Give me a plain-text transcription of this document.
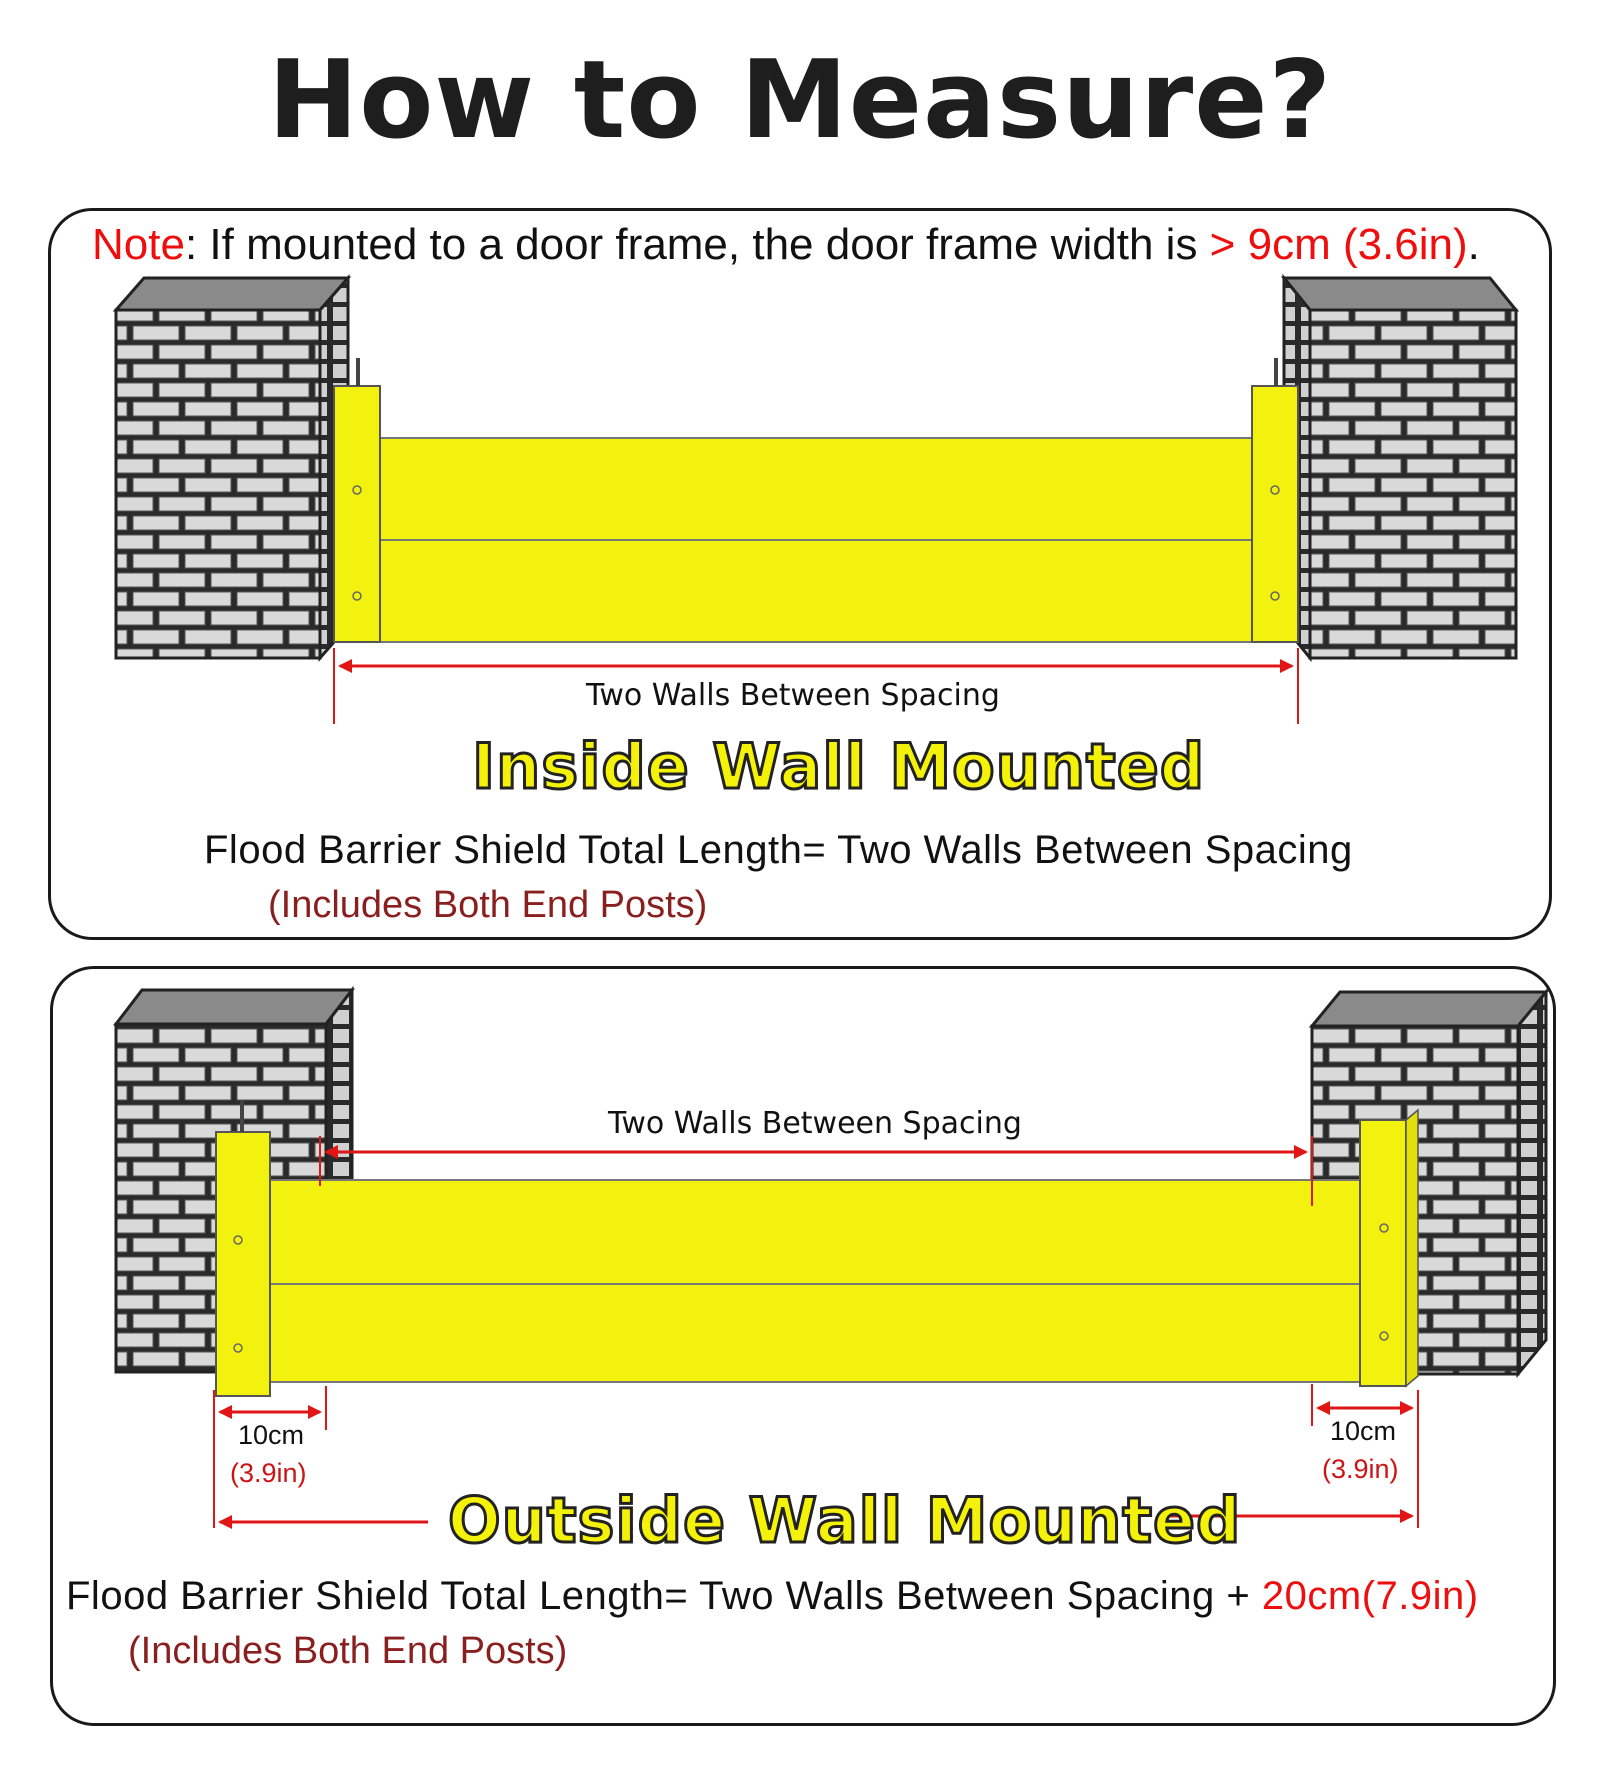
How to Measure?
Note: If mounted to a door frame, the door frame width is > 9cm (3.6in).
Two Walls Between Spacing
Inside Wall Mounted
Flood Barrier Shield Total Length= Two Walls Between Spacing
(Includes Both End Posts)
Two Walls Between Spacing
10cm
(3.9in)
10cm
(3.9in)
Outside Wall Mounted
Flood Barrier Shield Total Length= Two Walls Between Spacing + 20cm(7.9in)
(Includes Both End Posts)
